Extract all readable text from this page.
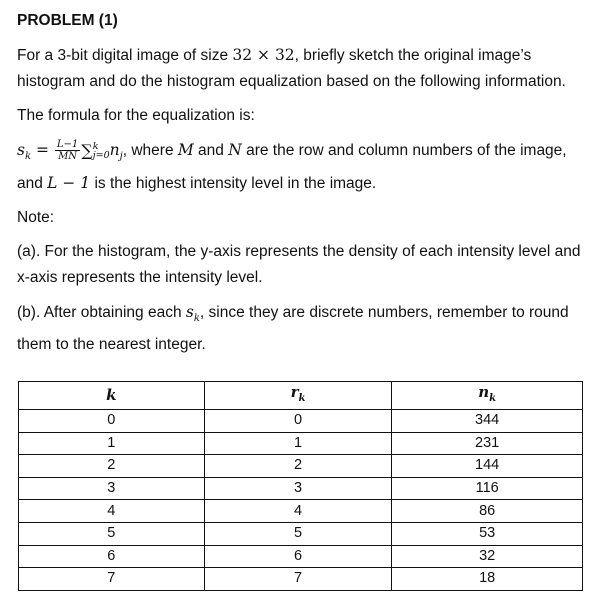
PROBLEM (1)
For a 3-bit digital image of size 32 × 32, briefly sketch the original image’s histogram and do the histogram equalization based on the following information.
The formula for the equalization is:
$s_k = \frac{L-1}{MN}$ ∑ k
j=0 $n_j$, where M and N are the row and column numbers of the image, and L − 1 is the highest intensity level in the image.
Note:
(a). For the histogram, the y-axis represents the density of each intensity level and x-axis represents the intensity level.
(b). After obtaining each $s_k$, since they are discrete numbers, remember to round them to the nearest integer.
k	$r_k$	$n_k$
0	0	344
1	1	231
2	2	144
3	3	116
4	4	86
5	5	53
6	6	32
7	7	18
